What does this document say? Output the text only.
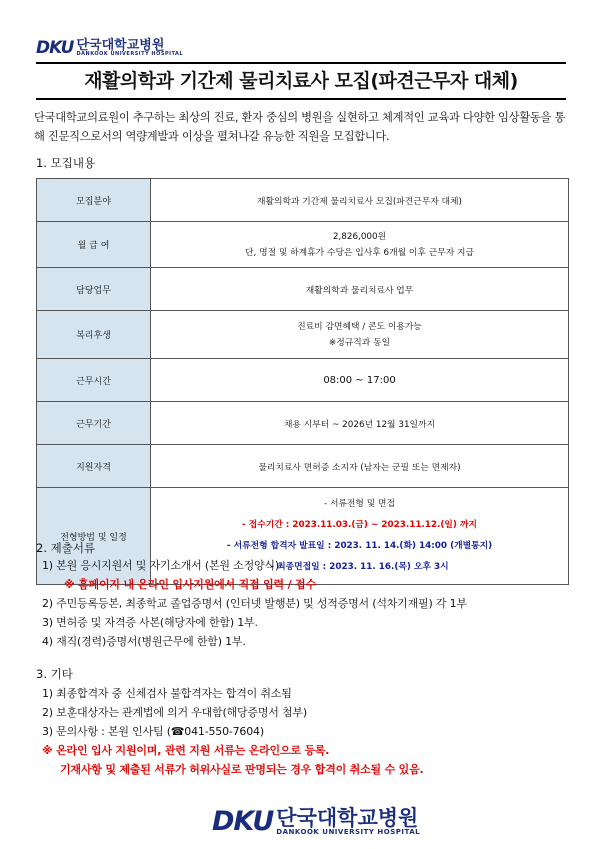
DKU 단국대학교병원
DANKOOK UNIVERSITY HOSPITAL
재활의학과 기간제 물리치료사 모집(파견근무자 대체)
단국대학교의료원이 추구하는 최상의 진료, 환자 중심의 병원을 실현하고 체계적인 교육과 다양한 임상활동을 통해 진문직으로서의 역량계발과 이상을 펼쳐나갈 유능한 직원을 모집합니다.
1. 모집내용
모집분야	재활의학과 기간제 물리치료사 모집(파견근무자 대체)

월 급 여	2,826,000원
단, 명절 및 하계휴가 수당은 입사후 6개월 이후 근무자 지급

담당업무	재활의학과 물리치료사 업무

복리후생	진료비 감면혜택 / 콘도 이용가능
※정규직과 동일

근무시간	08:00 ~ 17:00

근무기간	채용 시부터 ~ 2026년 12월 31일까지

지원자격	물리치료사 면허증 소지자 (남자는 군필 또는 면제자)

전형방법 및 일정	- 서류전형 및 면접
- 접수기간 : 2023.11.03.(금) ~ 2023.11.12.(일) 까지
- 서류전형 합격자 발표일 : 2023. 11. 14.(화) 14:00 (개별통지)
- 최종면접일 : 2023. 11. 16.(목) 오후 3시
2. 제출서류
1) 본원 응시지원서 및 자기소개서 (본원 소정양식)
※ 홈페이지 내 온라인 입사지원에서 직접 입력 / 접수
2) 주민등록등본, 최종학교 졸업증명서 (인터넷 발행분) 및 성적증명서 (석차기재필) 각 1부
3) 면허증 및 자격증 사본(해당자에 한함) 1부.
4) 재직(경력)증명서(병원근무에 한함) 1부.
3. 기타
1) 최종합격자 중 신체검사 불합격자는 합격이 취소됨
2) 보훈대상자는 관계법에 의거 우대함(해당증명서 첨부)
3) 문의사항 : 본원 인사팀 (☎041-550-7604)
※ 온라인 입사 지원이며, 관련 지원 서류는 온라인으로 등록.
기재사항 및 제출된 서류가 허위사실로 판명되는 경우 합격이 취소될 수 있음.
DKU 단국대학교병원
DANKOOK UNIVERSITY HOSPITAL
